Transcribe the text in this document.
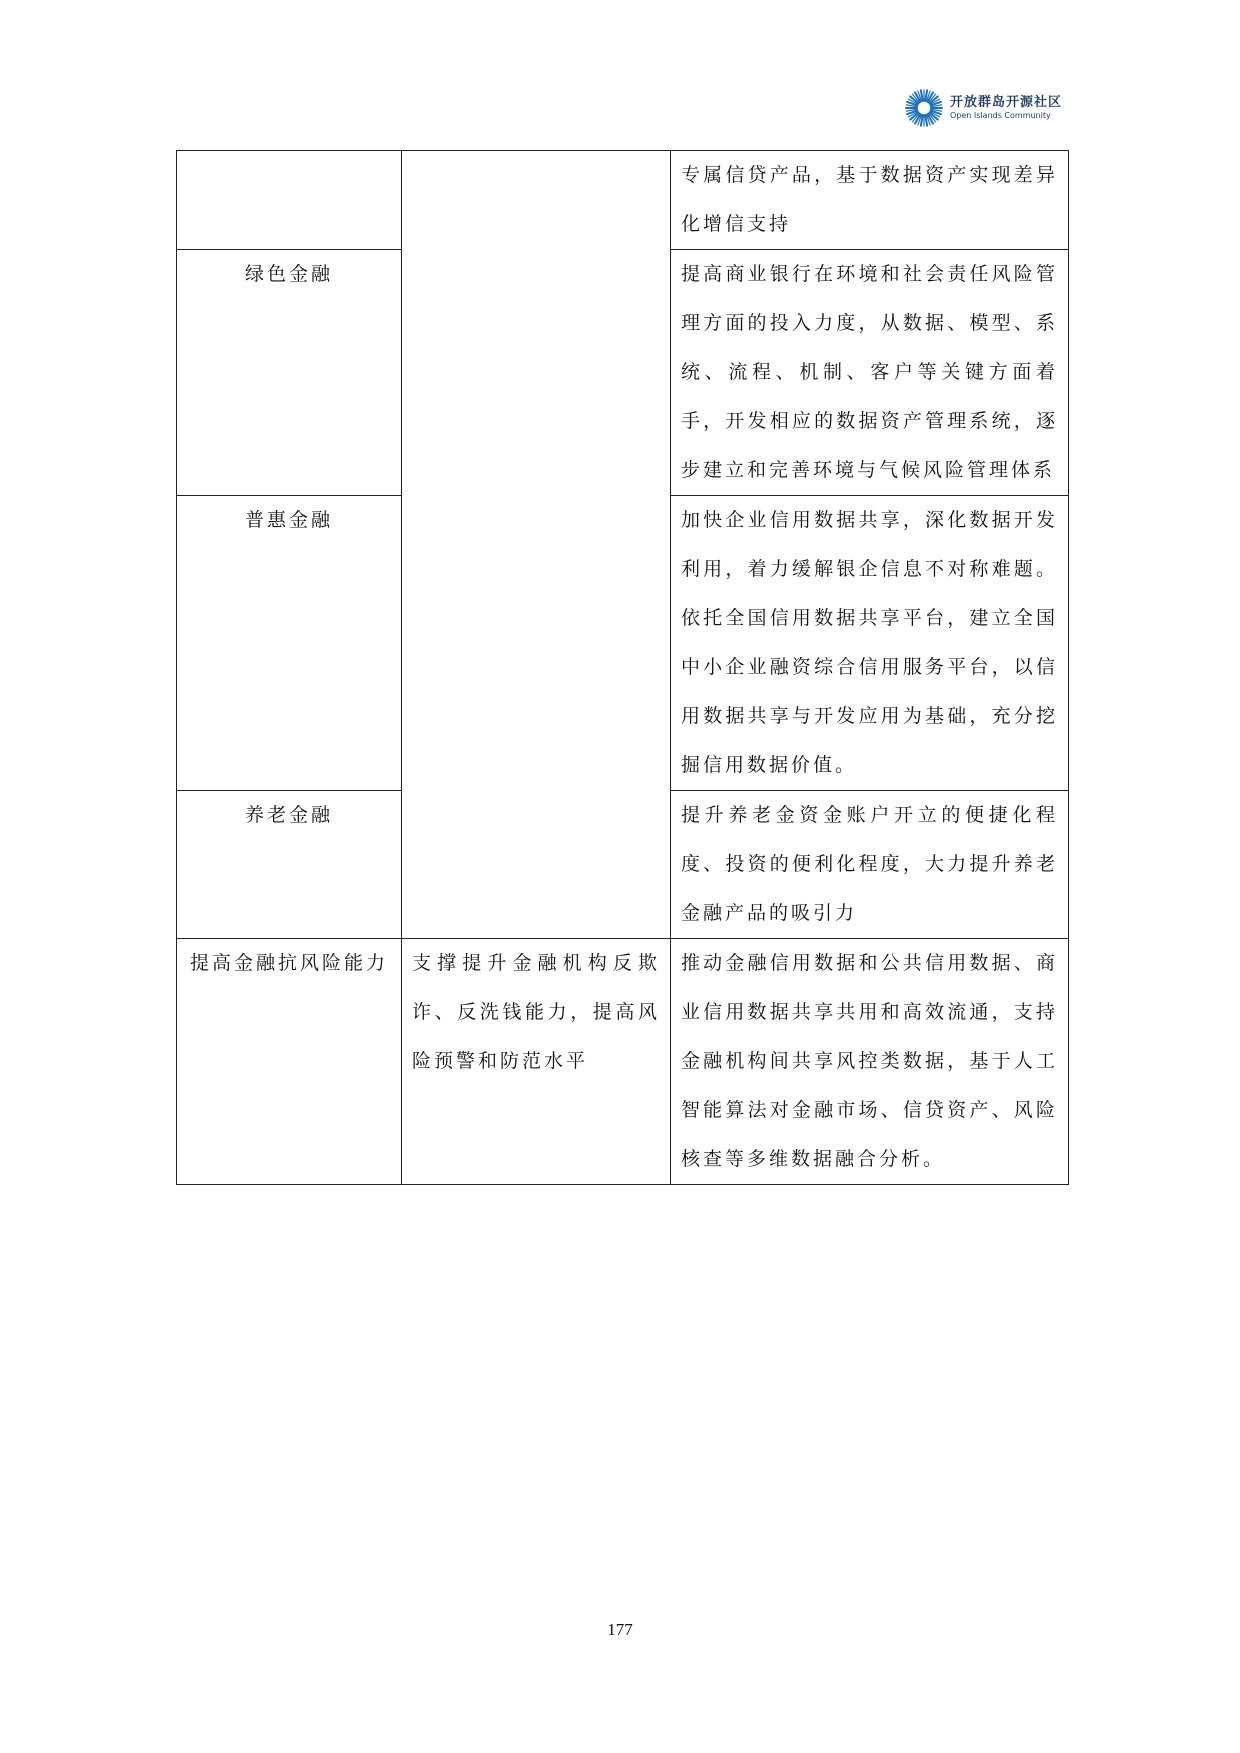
开放群岛开源社区
Open Islands Community
		专属信贷产品，基于数据资产实现差异化增信支持
绿色金融		提高商业银行在环境和社会责任风险管理方面的投入力度，从数据、模型、系统、流程、机制、客户等关键方面着手，开发相应的数据资产管理系统，逐步建立和完善环境与气候风险管理体系
普惠金融		加快企业信用数据共享，深化数据开发利用，着力缓解银企信息不对称难题。依托全国信用数据共享平台，建立全国中小企业融资综合信用服务平台，以信用数据共享与开发应用为基础，充分挖掘信用数据价值。
养老金融		提升养老金资金账户开立的便捷化程度、投资的便利化程度，大力提升养老金融产品的吸引力
提高金融抗风险能力	支撑提升金融机构反欺诈、反洗钱能力，提高风险预警和防范水平	推动金融信用数据和公共信用数据、商业信用数据共享共用和高效流通，支持金融机构间共享风控类数据，基于人工智能算法对金融市场、信贷资产、风险核查等多维数据融合分析。
177
